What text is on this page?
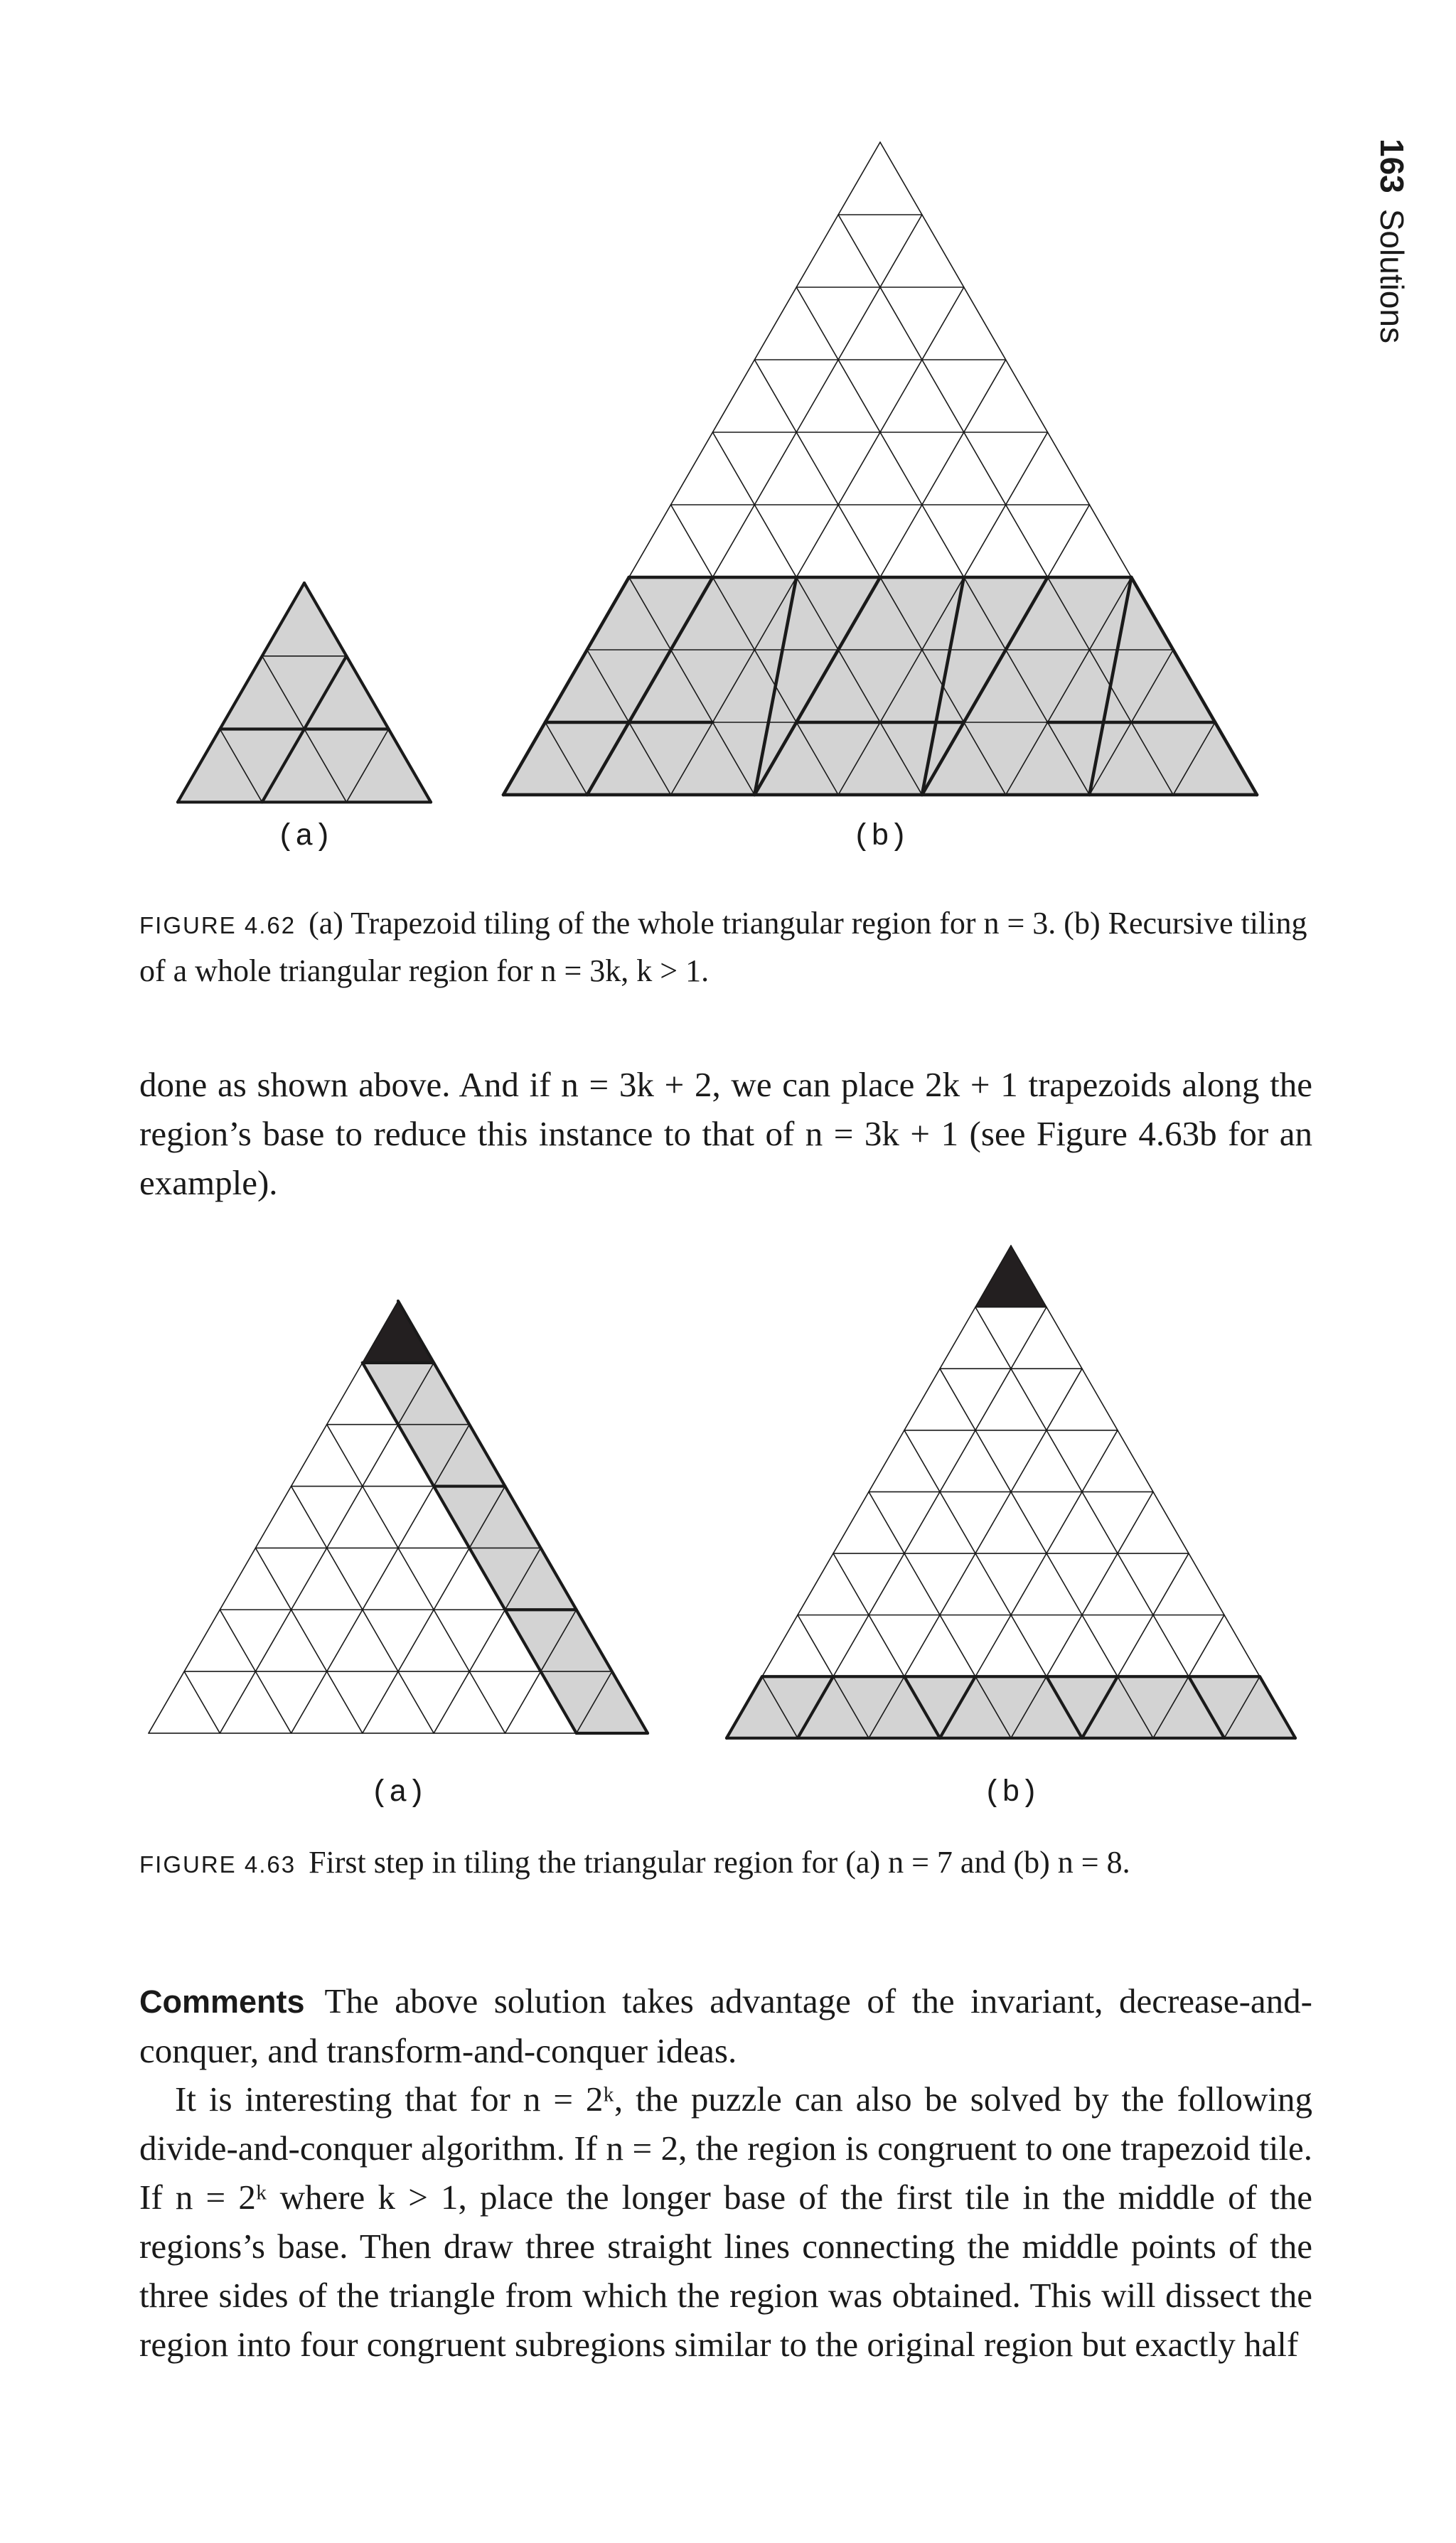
163Solutions
(a)	(b)
FIGURE 4.62 (a) Trapezoid tiling of the whole triangular region for n = 3. (b) Recursive tiling of a whole triangular region for n = 3k, k > 1.
done as shown above. And if n = 3k + 2, we can place 2k + 1 trapezoids along the region’s base to reduce this instance to that of n = 3k + 1 (see Figure 4.63b for an example).
(a)	(b)
FIGURE 4.63 First step in tiling the triangular region for (a) n = 7 and (b) n = 8.
Comments The above solution takes advantage of the invariant, decrease-and-conquer, and transform-and-conquer ideas.
It is interesting that for n = 2ᵏ, the puzzle can also be solved by the following divide-and-conquer algorithm. If n = 2, the region is congruent to one trapezoid tile. If n = 2ᵏ where k > 1, place the longer base of the first tile in the middle of the regions’s base. Then draw three straight lines connecting the middle points of the three sides of the triangle from which the region was obtained. This will dissect the region into four congruent subregions similar to the original region but exactly half
